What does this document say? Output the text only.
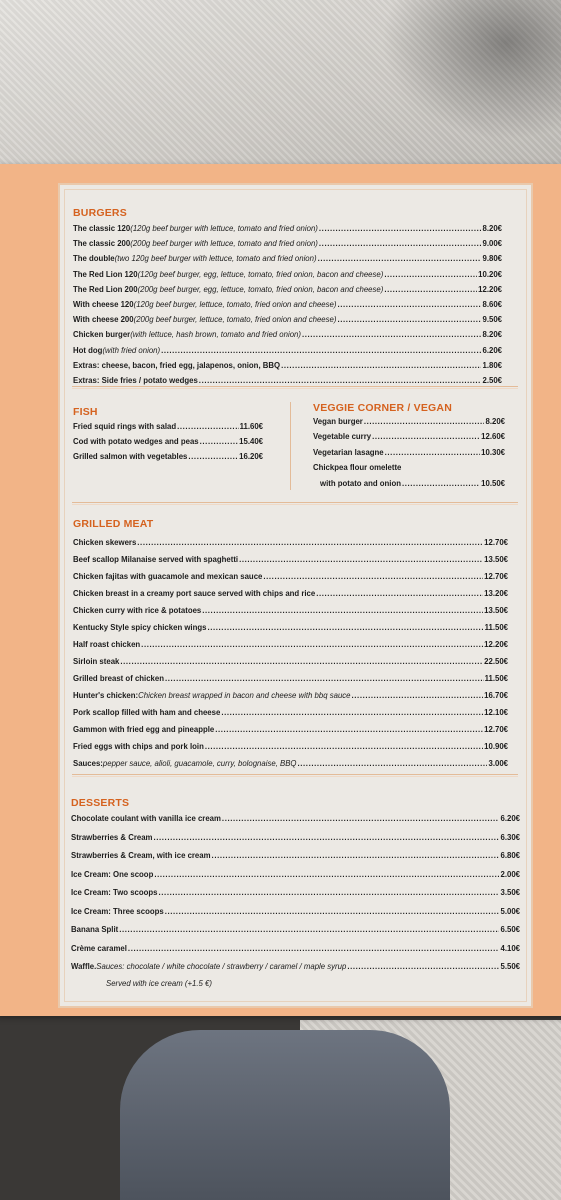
BURGERS
FISH	VEGGIE CORNER / VEGAN
GRILLED MEAT
DESSERTS
The classic 120 (120g beef burger with lettuce, tomato and fried onion) .....	8.20€
The classic 200 (200g beef burger with lettuce, tomato and fried onion) .....	9.00€
The double (two 120g beef burger with lettuce, tomato and fried onion) .....	9.80€
The Red Lion 120 (120g beef burger, egg, lettuce, tomato, fried onion, bacon and cheese) .....	10.20€
The Red Lion 200 (200g beef burger, egg, lettuce, tomato, fried onion, bacon and cheese) .....	12.20€
With cheese 120 (120g beef burger, lettuce, tomato, fried onion and cheese) .....	8.60€
With cheese 200 (200g beef burger, lettuce, tomato, fried onion and cheese) .....	9.50€
Chicken burger (with lettuce, hash brown, tomato and fried onion) .....	8.20€
Hot dog (with fried onion) .....	6.20€
Extras: cheese, bacon, fried egg, jalapenos, onion, BBQ .....	1.80€
Extras: Side fries / potato wedges .....	2.50€
Fried squid rings with salad .....	11.60€
Cod with potato wedges and peas .....	15.40€
Grilled salmon with vegetables .....	16.20€
Vegan burger .....	8.20€
Vegetable curry .....	12.60€
Vegetarian lasagne .....	10.30€
Chickpea flour omelette
with potato and onion .....	10.50€
Chicken skewers .....	12.70€
Beef scallop Milanaise served with spaghetti .....	13.50€
Chicken fajitas with guacamole and mexican sauce .....	12.70€
Chicken breast in a creamy port sauce served with chips and rice .....	13.20€
Chicken curry with rice & potatoes .....	13.50€
Kentucky Style spicy chicken wings .....	11.50€
Half roast chicken .....	12.20€
Sirloin steak .....	22.50€
Grilled breast of chicken .....	11.50€
Hunter's chicken: Chicken breast wrapped in bacon and cheese with bbq sauce .....	16.70€
Pork scallop filled with ham and cheese .....	12.10€
Gammon with fried egg and pineapple .....	12.70€
Fried eggs with chips and pork loin .....	10.90€
Sauces: pepper sauce, alioli, guacamole, curry, bolognaise, BBQ .....	3.00€
Chocolate coulant with vanilla ice cream .....	6.20€
Strawberries & Cream .....	6.30€
Strawberries & Cream, with ice cream .....	6.80€
Ice Cream: One scoop .....	2.00€
Ice Cream: Two scoops .....	3.50€
Ice Cream: Three scoops .....	5.00€
Banana Split .....	6.50€
Crème caramel .....	4.10€
Waffle. Sauces: chocolate / white chocolate / strawberry / caramel / maple syrup .....	5.50€
Served with ice cream (+1.5 €)
